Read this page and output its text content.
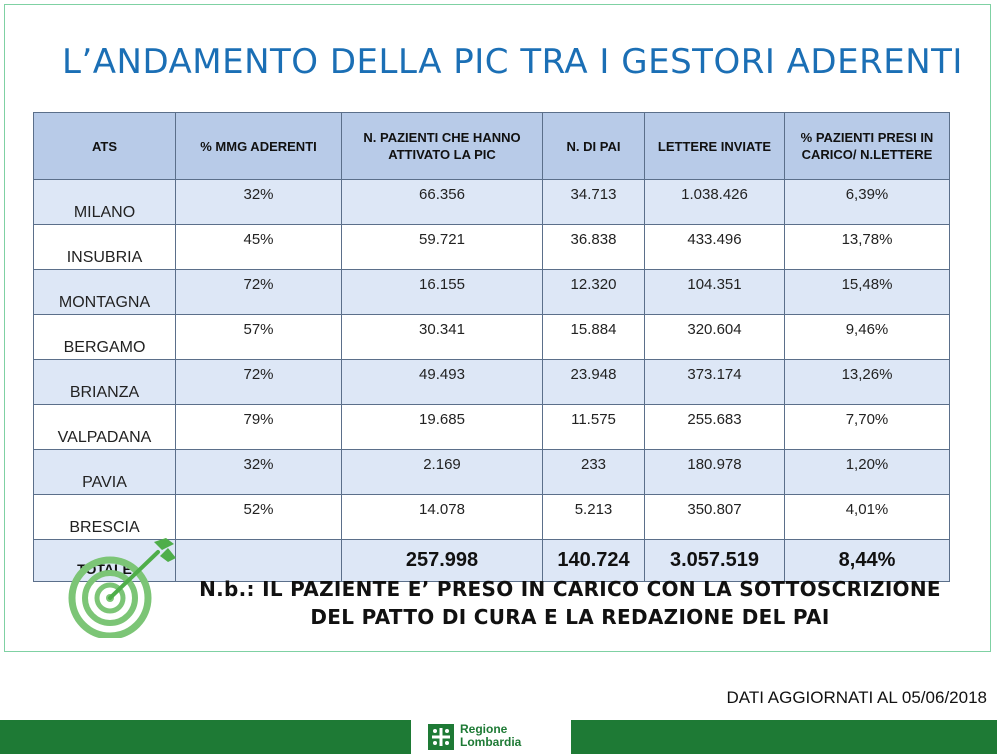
L’ANDAMENTO DELLA PIC TRA I GESTORI ADERENTI
ATS	% MMG ADERENTI	N. PAZIENTI CHE HANNO ATTIVATO LA PIC	N. DI PAI	LETTERE INVIATE	% PAZIENTI PRESI IN CARICO/ N.LETTERE
MILANO	32%	66.356	34.713	1.038.426	6,39%
INSUBRIA	45%	59.721	36.838	433.496	13,78%
MONTAGNA	72%	16.155	12.320	104.351	15,48%
BERGAMO	57%	30.341	15.884	320.604	9,46%
BRIANZA	72%	49.493	23.948	373.174	13,26%
VALPADANA	79%	19.685	11.575	255.683	7,70%
PAVIA	32%	2.169	233	180.978	1,20%
BRESCIA	52%	14.078	5.213	350.807	4,01%
TOTALE		257.998	140.724	3.057.519	8,44%
N.b.: IL PAZIENTE E’ PRESO IN CARICO CON LA SOTTOSCRIZIONE
DEL PATTO DI CURA E LA REDAZIONE DEL PAI
DATI AGGIORNATI AL 05/06/2018
Regione
Lombardia
